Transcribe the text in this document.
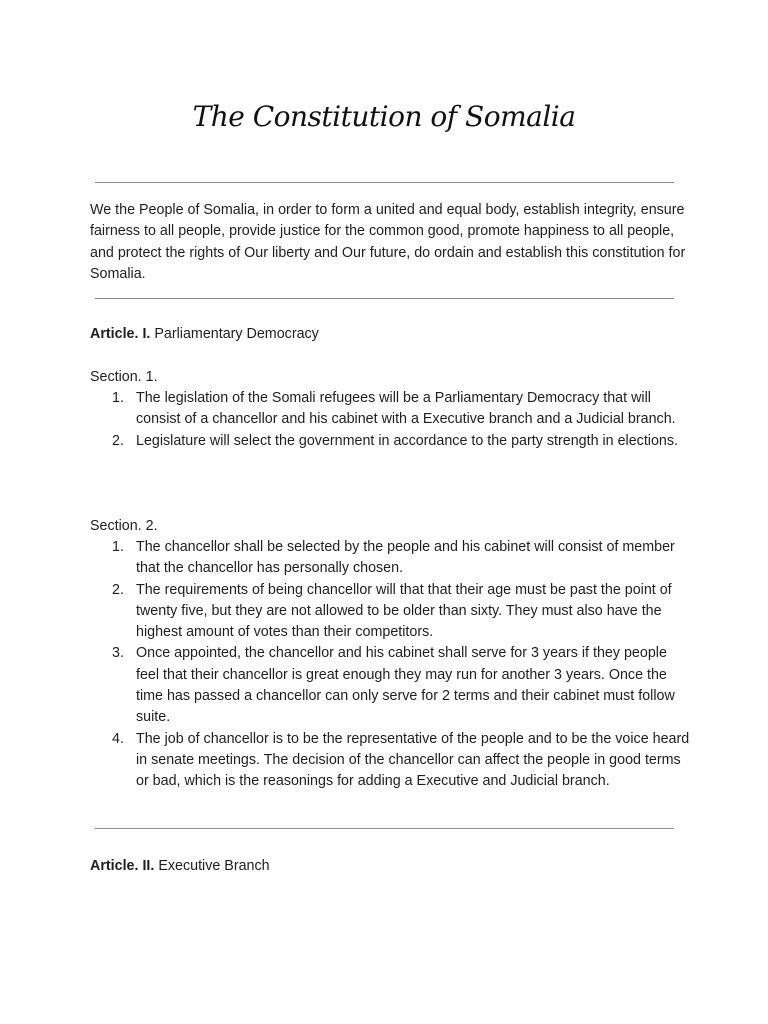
The Constitution of Somalia

We the People of Somalia, in order to form a united and equal body, establish integrity, ensure fairness to all people, provide justice for the common good, promote happiness to all people, and protect the rights of Our liberty and Our future, do ordain and establish this constitution for Somalia.

Article. I. Parliamentary Democracy

Section. 1.

1. The legislation of the Somali refugees will be a Parliamentary Democracy that will consist of a chancellor and his cabinet with a Executive branch and a Judicial branch.
2. Legislature will select the government in accordance to the party strength in elections.

Section. 2.

1. The chancellor shall be selected by the people and his cabinet will consist of member that the chancellor has personally chosen.
2. The requirements of being chancellor will that that their age must be past the point of twenty five, but they are not allowed to be older than sixty. They must also have the highest amount of votes than their competitors.
3. Once appointed, the chancellor and his cabinet shall serve for 3 years if they people feel that their chancellor is great enough they may run for another 3 years. Once the time has passed a chancellor can only serve for 2 terms and their cabinet must follow suite.
4. The job of chancellor is to be the representative of the people and to be the voice heard in senate meetings. The decision of the chancellor can affect the people in good terms or bad, which is the reasonings for adding a Executive and Judicial branch.

Article. II. Executive Branch
